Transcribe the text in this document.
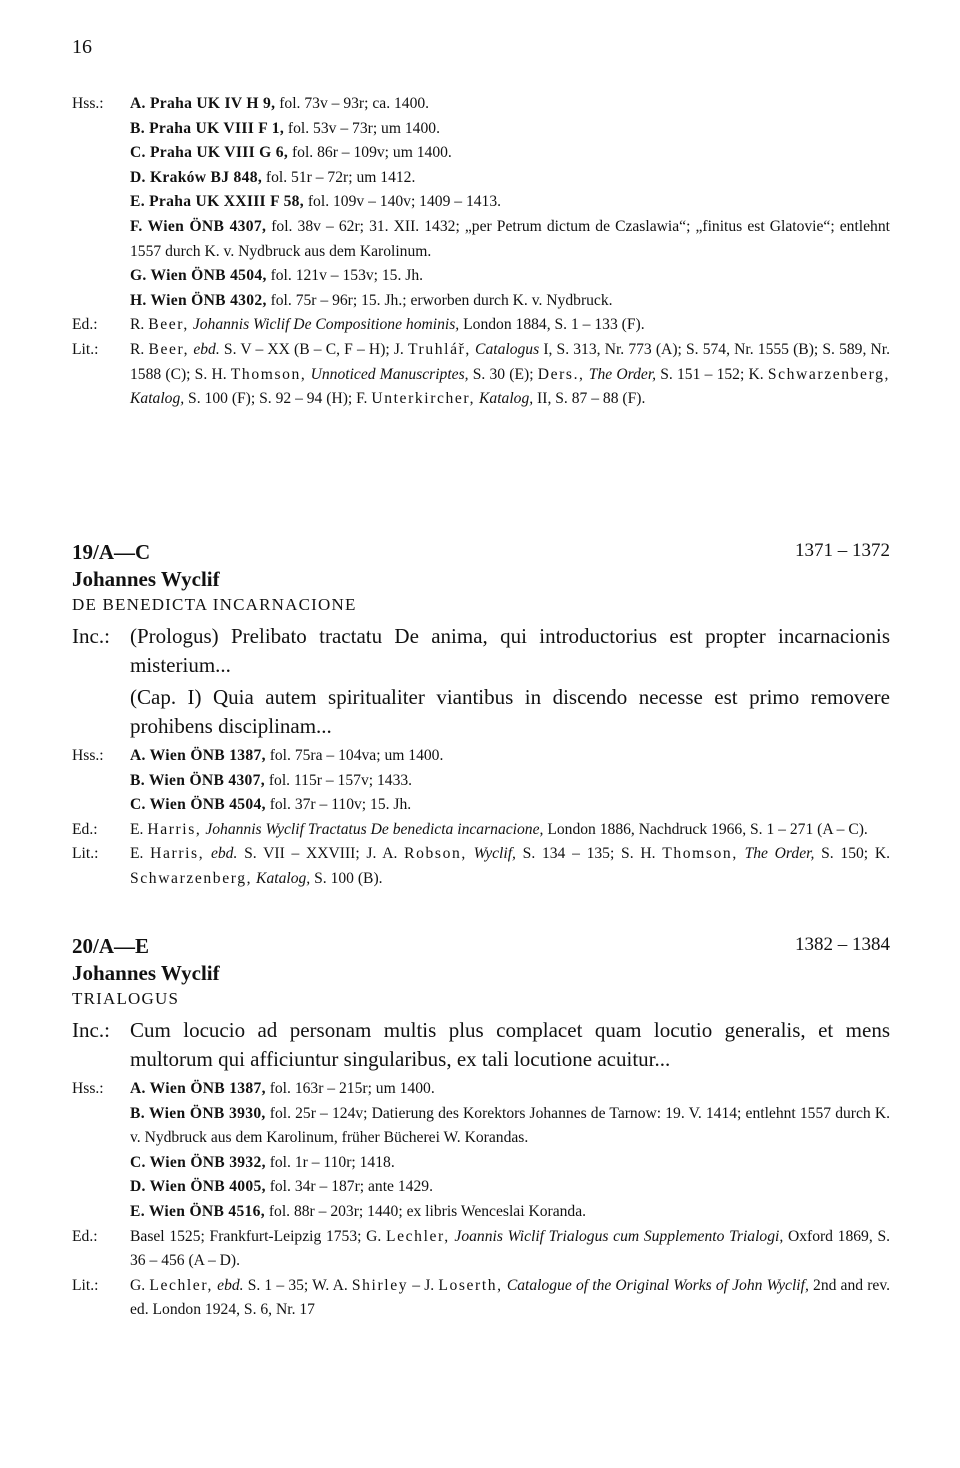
16
Hss.:	A. Praha UK IV H 9, fol. 73v – 93r; ca. 1400.
B. Praha UK VIII F 1, fol. 53v – 73r; um 1400.
C. Praha UK VIII G 6, fol. 86r – 109v; um 1400.
D. Kraków BJ 848, fol. 51r – 72r; um 1412.
E. Praha UK XXIII F 58, fol. 109v – 140v; 1409 – 1413.
F. Wien ÖNB 4307, fol. 38v – 62r; 31. XII. 1432; „per Petrum dictum de Czaslawia“; „finitus est Glatovie“; entlehnt 1557 durch K. v. Nydbruck aus dem Karolinum.
G. Wien ÖNB 4504, fol. 121v – 153v; 15. Jh.
H. Wien ÖNB 4302, fol. 75r – 96r; 15. Jh.; erworben durch K. v. Nydbruck.
Ed.:	R. Beer, Johannis Wiclif De Compositione hominis, London 1884, S. 1 – 133 (F).
Lit.:	R. Beer, ebd. S. V – XX (B – C, F – H); J. Truhlář, Catalogus I, S. 313, Nr. 773 (A); S. 574, Nr. 1555 (B); S. 589, Nr. 1588 (C); S. H. Thomson, Unnoticed Manuscriptes, S. 30 (E); Ders., The Order, S. 151 – 152; K. Schwarzenberg, Katalog, S. 100 (F); S. 92 – 94 (H); F. Unterkircher, Katalog, II, S. 87 – 88 (F).
19/A—C	1371 – 1372
Johannes Wyclif
DE BENEDICTA INCARNACIONE
Inc.: (Prologus) Prelibato tractatu De anima, qui introductorius est propter incarnacionis misterium...
(Cap. I) Quia autem spiritualiter viantibus in discendo necesse est primo removere prohibens disciplinam...
Hss.:	A. Wien ÖNB 1387, fol. 75ra – 104va; um 1400.
B. Wien ÖNB 4307, fol. 115r – 157v; 1433.
C. Wien ÖNB 4504, fol. 37r – 110v; 15. Jh.
Ed.:	E. Harris, Johannis Wyclif Tractatus De benedicta incarnacione, London 1886, Nachdruck 1966, S. 1 – 271 (A – C).
Lit.:	E. Harris, ebd. S. VII – XXVIII; J. A. Robson, Wyclif, S. 134 – 135; S. H. Thomson, The Order, S. 150; K. Schwarzenberg, Katalog, S. 100 (B).
20/A—E	1382 – 1384
Johannes Wyclif
TRIALOGUS
Inc.: Cum locucio ad personam multis plus complacet quam locutio generalis, et mens multorum qui afficiuntur singularibus, ex tali locutione acuitur...
Hss.:	A. Wien ÖNB 1387, fol. 163r – 215r; um 1400.
B. Wien ÖNB 3930, fol. 25r – 124v; Datierung des Korektors Johannes de Tarnow: 19. V. 1414; entlehnt 1557 durch K. v. Nydbruck aus dem Karolinum, früher Bücherei W. Korandas.
C. Wien ÖNB 3932, fol. 1r – 110r; 1418.
D. Wien ÖNB 4005, fol. 34r – 187r; ante 1429.
E. Wien ÖNB 4516, fol. 88r – 203r; 1440; ex libris Wenceslai Koranda.
Ed.:	Basel 1525; Frankfurt-Leipzig 1753; G. Lechler, Joannis Wiclif Trialogus cum Supplemento Trialogi, Oxford 1869, S. 36 – 456 (A – D).
Lit.:	G. Lechler, ebd. S. 1 – 35; W. A. Shirley – J. Loserth, Catalogue of the Original Works of John Wyclif, 2nd and rev. ed. London 1924, S. 6, Nr. 17
